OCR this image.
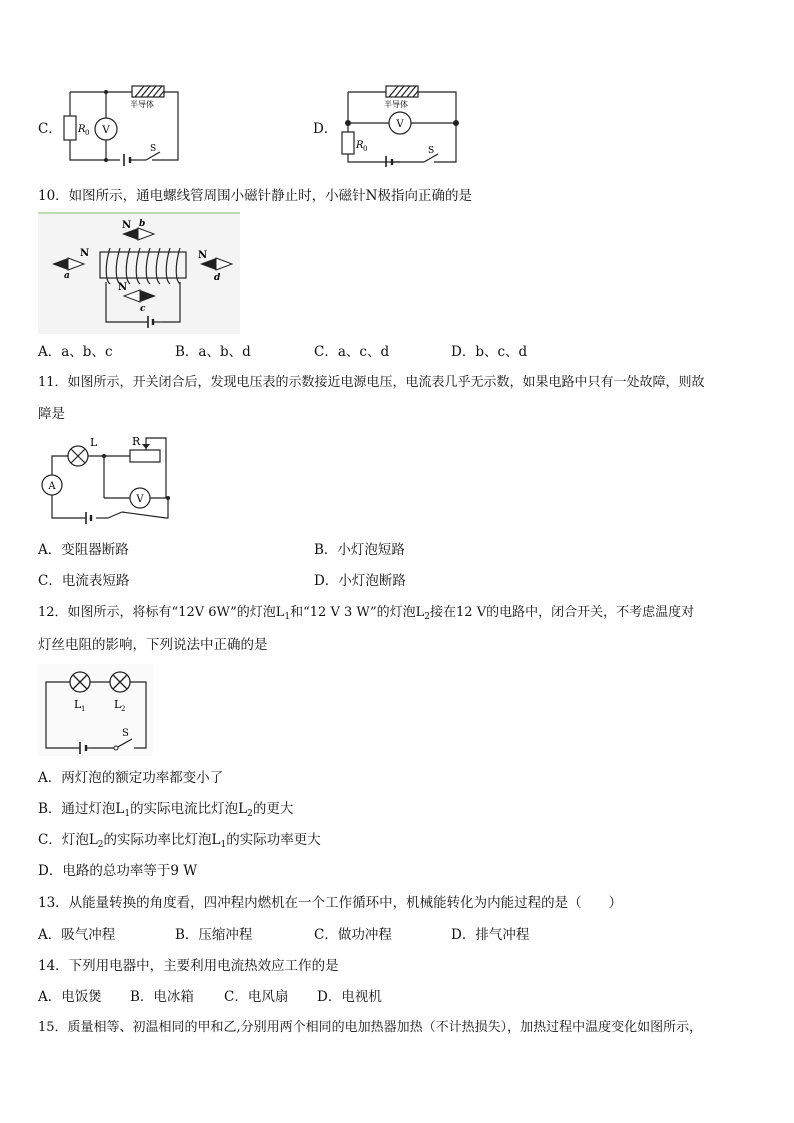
C．	V
半导体
R 0
S
D．	V
半导体
R 0	S
10．如图所示，通电螺线管周围小磁针静止时，小磁针N极指向正确的是
N
a
N b
N
c
N
d
A．a、b、c	B．a、b、d	C．a、c、d	D．b、c、d
11．如图所示，开关闭合后，发现电压表的示数接近电源电压，电流表几乎无示数，如果电路中只有一处故障，则故
障是
L	R
A
V
A．变阻器断路	B．小灯泡短路
C．电流表短路	D．小灯泡断路
12．如图所示，将标有“12V 6W”的灯泡$L_1$和“12 V 3 W”的灯泡$L_2$接在12 V的电路中，闭合开关，不考虑温度对
灯丝电阻的影响，下列说法中正确的是
L 1	L 2
S
A．两灯泡的额定功率都变小了
B．通过灯泡$L_1$的实际电流比灯泡$L_2$的更大
C．灯泡$L_2$的实际功率比灯泡$L_1$的实际功率更大
D．电路的总功率等于9 W
13．从能量转换的角度看，四冲程内燃机在一个工作循环中，机械能转化为内能过程的是（　　）
A．吸气冲程	B．压缩冲程	C．做功冲程	D．排气冲程
14．下列用电器中，主要利用电流热效应工作的是
A．电饭煲 B．电冰箱 C．电风扇 D．电视机
15．质量相等、初温相同的甲和乙,分别用两个相同的电加热器加热（不计热损失），加热过程中温度变化如图所示，
